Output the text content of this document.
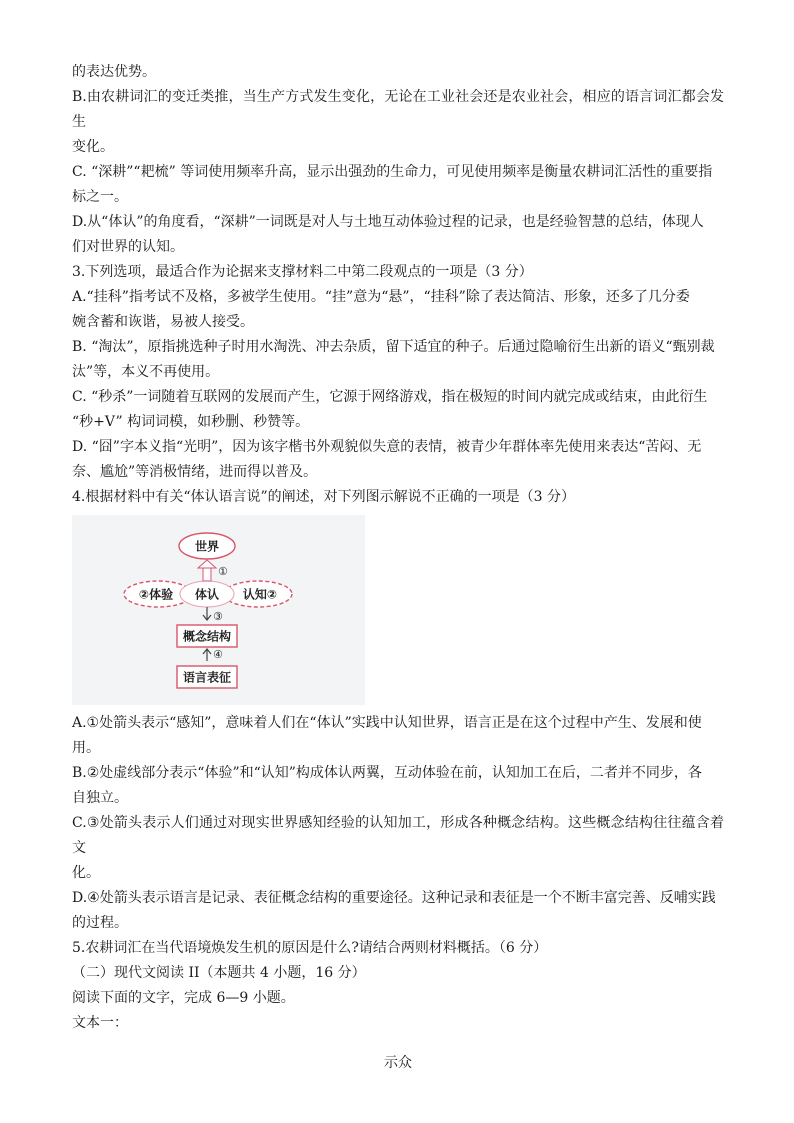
的表达优势。

B.由农耕词汇的变迁类推，当生产方式发生变化，无论在工业社会还是农业社会，相应的语言词汇都会发生

变化。

C. “深耕”“耙梳” 等词使用频率升高，显示出强劲的生命力，可见使用频率是衡量农耕词汇活性的重要指

标之一。

D.从“体认”的角度看，“深耕”一词既是对人与土地互动体验过程的记录，也是经验智慧的总结，体现人

们对世界的认知。

3.下列选项，最适合作为论据来支撑材料二中第二段观点的一项是（3 分）

A.“挂科”指考试不及格，多被学生使用。“挂”意为“悬”，“挂科”除了表达简洁、形象，还多了几分委

婉含蓄和诙谐，易被人接受。

B. “淘汰”，原指挑选种子时用水淘洗、冲去杂质，留下适宜的种子。后通过隐喻衍生出新的语义“甄别裁

汰”等，本义不再使用。

C. “秒杀”一词随着互联网的发展而产生，它源于网络游戏，指在极短的时间内就完成或结束，由此衍生

“秒+V” 构词词模，如秒删、秒赞等。

D. “囧”字本义指“光明”，因为该字楷书外观貌似失意的表情，被青少年群体率先使用来表达“苦闷、无

奈、尴尬”等消极情绪，进而得以普及。

4.根据材料中有关“体认语言说”的阐述，对下列图示解说不正确的一项是（3 分）

①
③
④
世界
体认
②体验	认知②
概念结构
语言表征

A.①处箭头表示“感知”，意味着人们在“体认”实践中认知世界，语言正是在这个过程中产生、发展和使

用。

B.②处虚线部分表示“体验”和“认知”构成体认两翼，互动体验在前，认知加工在后，二者并不同步，各

自独立。

C.③处箭头表示人们通过对现实世界感知经验的认知加工，形成各种概念结构。这些概念结构往往蕴含着文

化。

D.④处箭头表示语言是记录、表征概念结构的重要途径。这种记录和表征是一个不断丰富完善、反哺实践

的过程。

5.农耕词汇在当代语境焕发生机的原因是什么?请结合两则材料概括。（6 分）

（二）现代文阅读 II（本题共 4 小题，16 分）

阅读下面的文字，完成 6—9 小题。

文本一：

示众
